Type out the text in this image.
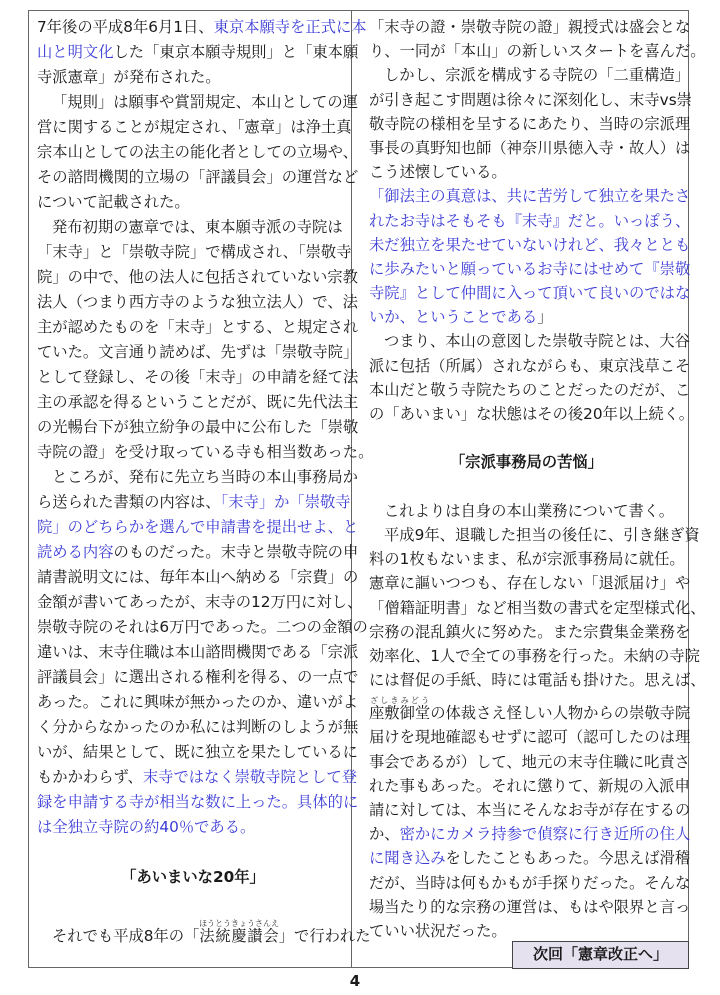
7年後の平成8年6月1日、東京本願寺を正式に本
山と明文化した「東京本願寺規則」と「東本願
寺派憲章」が発布された。
「規則」は願事や賞罰規定、本山としての運
営に関することが規定され、「憲章」は浄土真
宗本山としての法主の能化者としての立場や、
その諮問機関的立場の「評議員会」の運営など
について記載された。
発布初期の憲章では、東本願寺派の寺院は
「末寺」と「崇敬寺院」で構成され、「崇敬寺
院」の中で、他の法人に包括されていない宗教
法人（つまり西方寺のような独立法人）で、法
主が認めたものを「末寺」とする、と規定され
ていた。文言通り読めば、先ずは「崇敬寺院」
として登録し、その後「末寺」の申請を経て法
主の承認を得るということだが、既に先代法主
の光暢台下が独立紛争の最中に公布した「崇敬
寺院の證」を受け取っている寺も相当数あった。
ところが、発布に先立ち当時の本山事務局か
ら送られた書類の内容は、「末寺」か「崇敬寺
院」のどちらかを選んで申請書を提出せよ、と
読める内容のものだった。末寺と崇敬寺院の申
請書説明文には、毎年本山へ納める「宗費」の
金額が書いてあったが、末寺の12万円に対し、
崇敬寺院のそれは6万円であった。二つの金額の
違いは、末寺住職は本山諮問機関である「宗派
評議員会」に選出される権利を得る、の一点で
あった。これに興味が無かったのか、違いがよ
く分からなかったのか私には判断のしようが無
いが、結果として、既に独立を果たしているに
もかかわらず、末寺ではなく崇敬寺院として登
録を申請する寺が相当な数に上った。具体的に
は全独立寺院の約40％である。
「あいまいな20年」
それでも平成8年の「法統慶讃会ほうとうきょうさんえ」で行われた
「末寺の證・崇敬寺院の證」親授式は盛会とな
り、一同が「本山」の新しいスタートを喜んだ。
しかし、宗派を構成する寺院の「二重構造」
が引き起こす問題は徐々に深刻化し、末寺vs崇
敬寺院の様相を呈するにあたり、当時の宗派理
事長の真野知也師（神奈川県徳入寺・故人）は
こう述懐している。
「御法主の真意は、共に苦労して独立を果たさ
れたお寺はそもそも『末寺』だと。いっぽう、
未だ独立を果たせていないけれど、我々ととも
に歩みたいと願っているお寺にはせめて『崇敬
寺院』として仲間に入って頂いて良いのではな
いか、ということである」
つまり、本山の意図した崇敬寺院とは、大谷
派に包括（所属）されながらも、東京浅草こそ
本山だと敬う寺院たちのことだったのだが、こ
の「あいまい」な状態はその後20年以上続く。
「宗派事務局の苦悩」
これよりは自身の本山業務について書く。
平成9年、退職した担当の後任に、引き継ぎ資
料の1枚もないまま、私が宗派事務局に就任。
憲章に謳いつつも、存在しない「退派届け」や
「僧籍証明書」など相当数の書式を定型様式化、
宗務の混乱鎮火に努めた。また宗費集金業務を
効率化、1人で全ての事務を行った。未納の寺院
には督促の手紙、時には電話も掛けた。思えば、
座敷御堂ざしきみどうの体裁さえ怪しい人物からの崇敬寺院
届けを現地確認もせずに認可（認可したのは理
事会であるが）して、地元の末寺住職に叱責さ
れた事もあった。それに懲りて、新規の入派申
請に対しては、本当にそんなお寺が存在するの
か、密かにカメラ持参で偵察に行き近所の住人
に聞き込みをしたこともあった。今思えば滑稽
だが、当時は何もかもが手探りだった。そんな
場当たり的な宗務の運営は、もはや限界と言っ
ていい状況だった。
次回「憲章改正へ」
4
